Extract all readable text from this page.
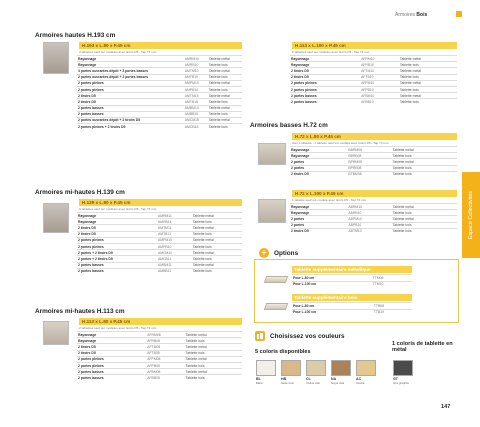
Armoires Bois
Armoires hautes H.193 cm
H.193 x L.80 x P.45 cm
4 tablettes sauf sur modèles avec tiroirs D5 - Tap 74 mm
Rayonnage	AMRM10	Tablette métal
Rayonnage	AMRB10	Tablette bois
3 portes ouvrantes dépôt + 3 portes basses	AMTM10	Tablette métal
2 portes ouvrantes dépôt + 2 portes basses	AMTB10	Tablette bois
2 portes pleines	AMPM10	Tablette métal
2 portes pleines	AMPB10	Tablette bois
2 tiroirs D5	AMTM15	Tablette métal
2 tiroirs D5	AMTB15	Tablette bois
2 portes basses	AMBM10	Tablette métal
2 portes basses	AMBB10	Tablette bois
2 portes ouvrantes dépôt + 2 tiroirs D5	AMCM15	Tablette métal
2 portes pleines + 2 tiroirs D5	AMCB15	Tablette bois
Armoires mi-hautes H.139 cm
H.139 x L.80 x P.45 cm
3 tablettes sauf sur modèles avec tiroirs D5 - Tap 74 mm
Rayonnage	AMRM11	Tablette métal
Rayonnage	AMRB11	Tablette bois
2 tiroirs D5	AMTM11	Tablette métal
2 tiroirs D5	AMTB11	Tablette bois
2 portes pleines	AMPM10	Tablette métal
2 portes pleines	AMPB10	Tablette bois
2 portes + 2 tiroirs D5	AMCM11	Tablette métal
2 portes + 2 tiroirs D5	AMCB11	Tablette bois
2 portes basses	AMBM11	Tablette métal
2 portes basses	AMBB11	Tablette bois
Armoires mi-hautes H.113 cm
H.113 x L.80 x P.45 cm
2 tablettes sauf sur modèles avec tiroirs D5 - Tap 74 mm
Rayonnage	AFRM08	Tablette métal
Rayonnage	AFRB08	Tablette bois
2 tiroirs D5	AFTM08	Tablette métal
2 tiroirs D5	AFTB08	Tablette bois
2 portes pleines	AFPM08	Tablette métal
2 portes pleines	AFPB08	Tablette bois
2 portes basses	AFBM08	Tablette métal
2 portes basses	AFBB08	Tablette bois
H.113 x L.100 x P.45 cm
2 tablettes sauf sur modèles avec tiroirs D5 - Tap 74 mm
Rayonnage	AFRM10	Tablette métal
Rayonnage	AFRB10	Tablette bois
2 tiroirs D5	AFTM10	Tablette métal
2 tiroirs D5	AFTB10	Tablette bois
2 portes pleines	AFPM10	Tablette métal
2 portes pleines	AFPB10	Tablette bois
2 portes basses	AFBM10	Tablette métal
2 portes basses	AFBB10	Tablette bois
Armoires basses H.72 cm
H.72 x L.80 x P.45 cm
dont 1 tablette - 1 tablette sauf sur modèle avec tiroirs D5 - Tap 74 mm
Rayonnage	BBRM08	Tablette métal
Rayonnage	BBRB08	Tablette bois
2 portes	BPRM08	Tablette métal
2 portes	BPRB08	Tablette bois
2 tiroirs D5	BTBM08	Tablette bois
H.72 x L.100 x P.45 cm
1 tablette sauf sur modèle avec tiroirs D5 - Tap 74 mm
Rayonnage	ABRM10	Tablette métal
Rayonnage	ABRB10	Tablette bois
2 portes	ABPM10	Tablette métal
2 portes	ABPB10	Tablette bois
2 tiroirs D5	ABTM10	Tablette bois
+	Options
Tablette supplémentaire métallique
Pour L.80 cm	TTM08
Pour L.100 cm	TTM10
Tablette supplémentaire bois
Pour L.80 cm	TTB08
Pour L.100 cm	TTB10
Choisissez vos couleurs
5 coloris disponibles
1 coloris de tablette en métal
BL
Blanc
HB
Hêtre bois
CL
Chêne clair
NA
Noyer clair
AC
Acacia
GT
Gris graphite
Espace Collectivités
147
